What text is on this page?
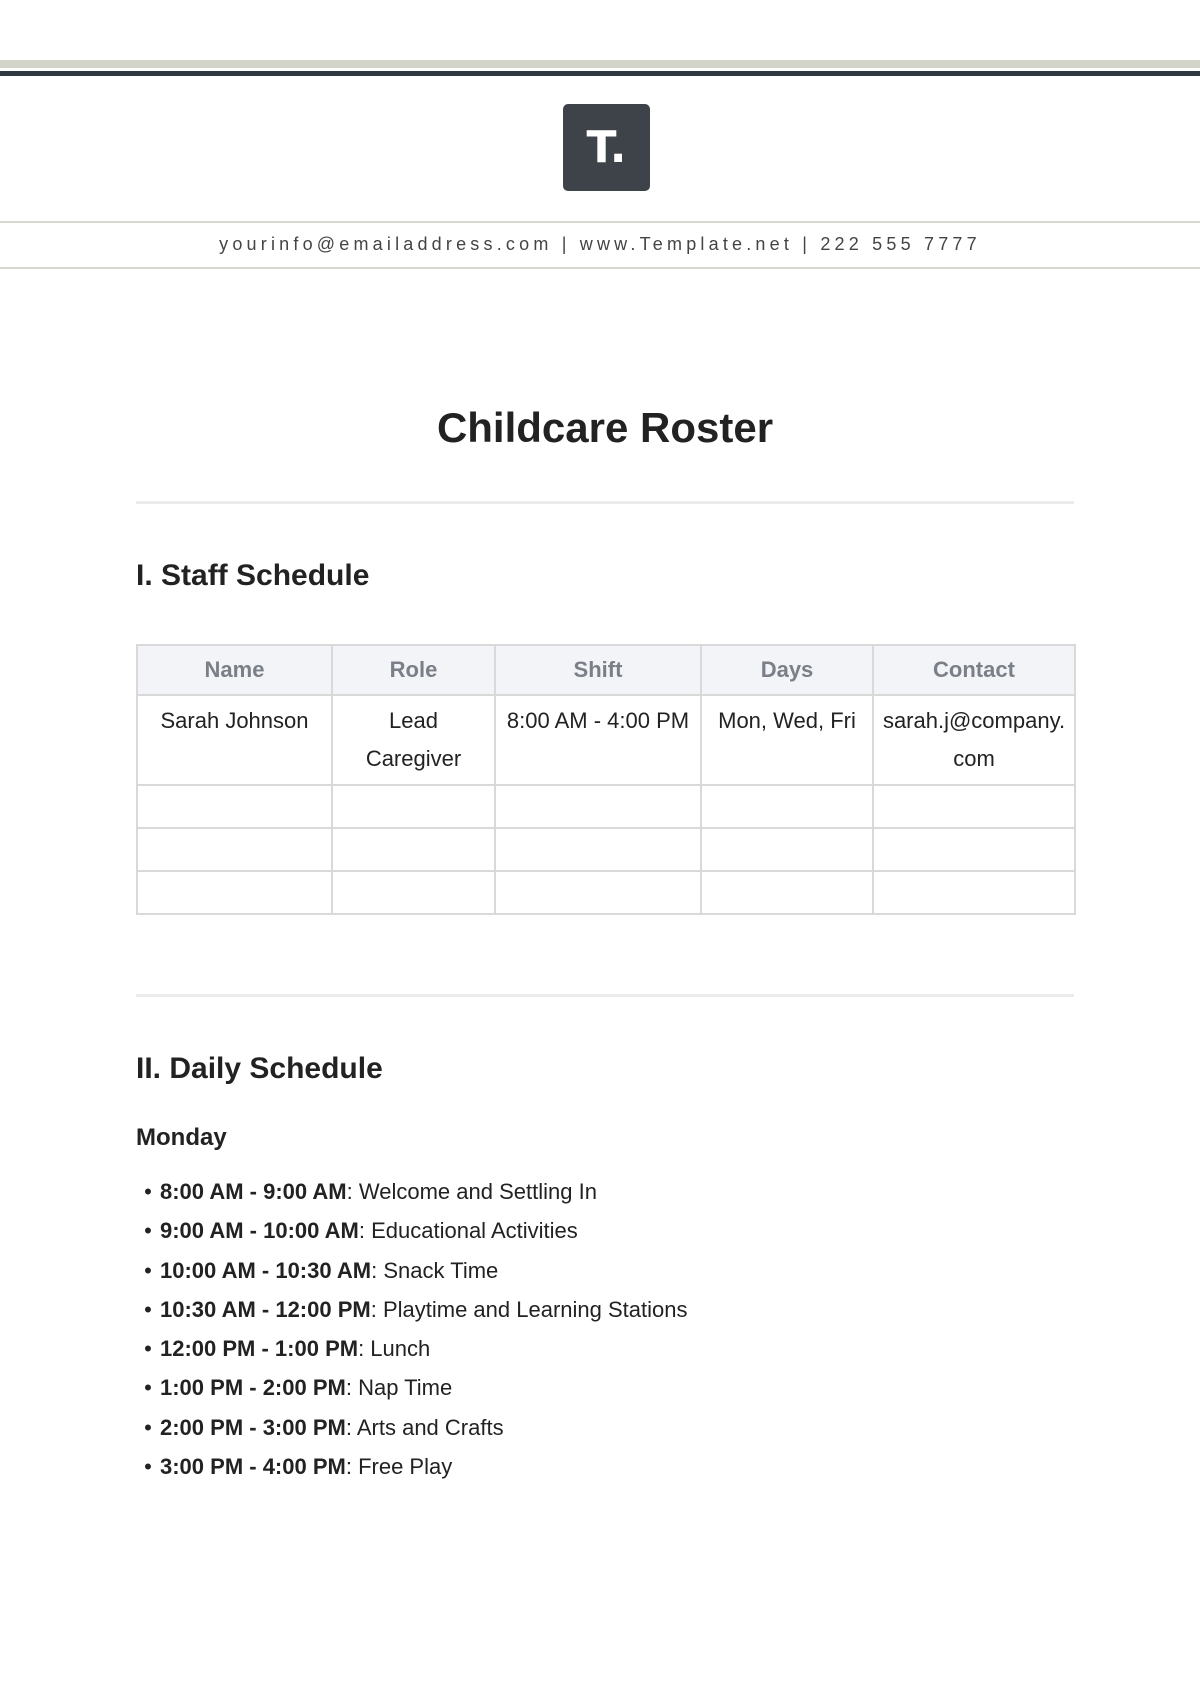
T.
yourinfo@emailaddress.com | www.Template.net | 222 555 7777
Childcare Roster
I. Staff Schedule
Name	Role	Shift	Days	Contact
Sarah Johnson	Lead Caregiver	8:00 AM - 4:00 PM	Mon, Wed, Fri	sarah.j@company.com

II. Daily Schedule
Monday
• 8:00 AM - 9:00 AM: Welcome and Settling In
• 9:00 AM - 10:00 AM: Educational Activities
• 10:00 AM - 10:30 AM: Snack Time
• 10:30 AM - 12:00 PM: Playtime and Learning Stations
• 12:00 PM - 1:00 PM: Lunch
• 1:00 PM - 2:00 PM: Nap Time
• 2:00 PM - 3:00 PM: Arts and Crafts
• 3:00 PM - 4:00 PM: Free Play
